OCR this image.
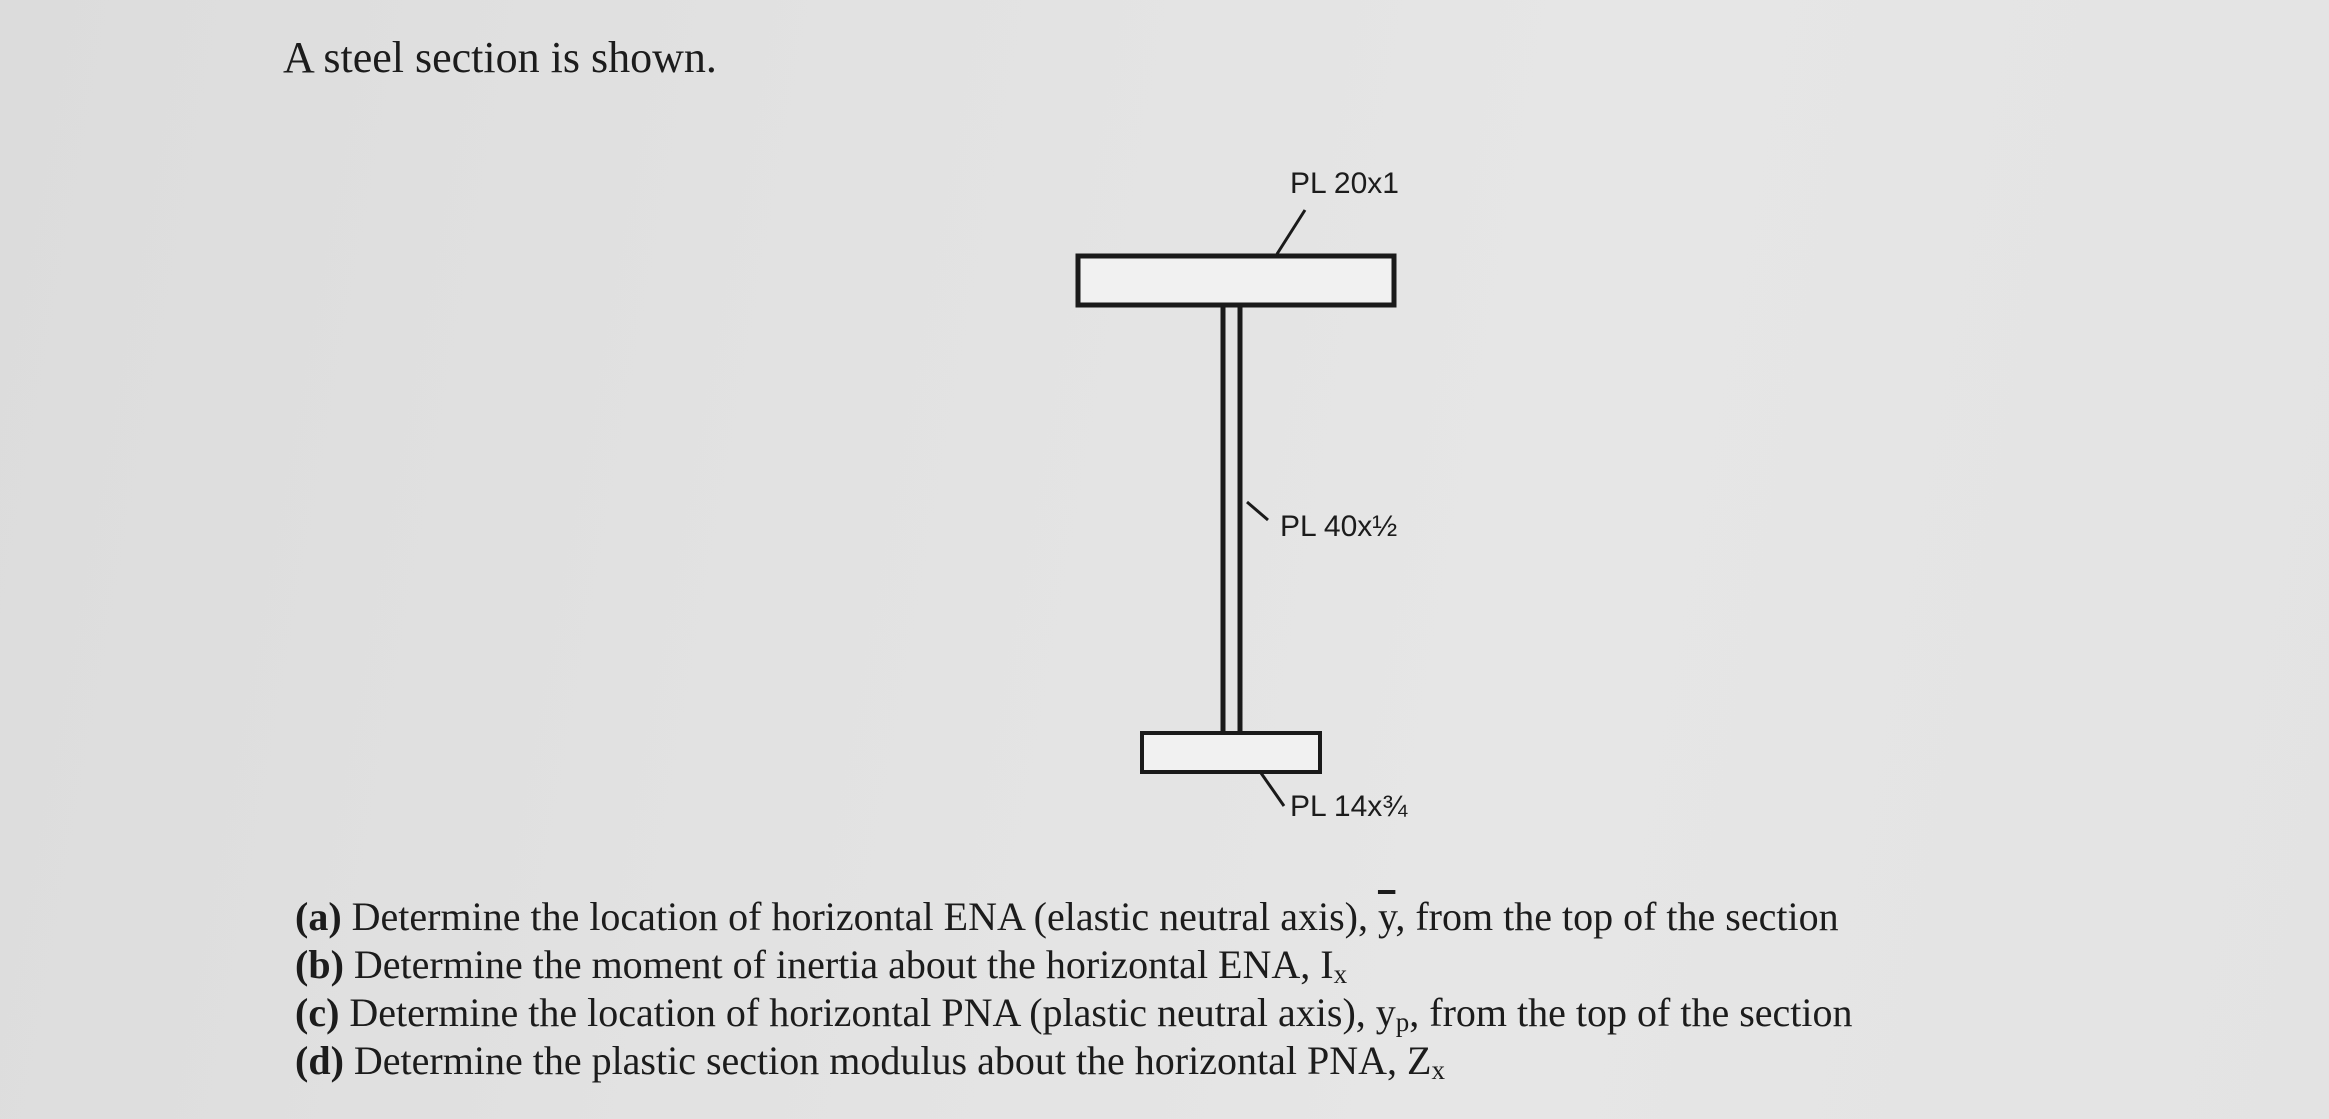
A steel section is shown.
PL 20x1
PL 40x½
PL 14x¾
(a) Determine the location of horizontal ENA (elastic neutral axis), $\overline{y}$, from the top of the section
(b) Determine the moment of inertia about the horizontal ENA, Ix
(c) Determine the location of horizontal PNA (plastic neutral axis), yp, from the top of the section
(d) Determine the plastic section modulus about the horizontal PNA, Zx
